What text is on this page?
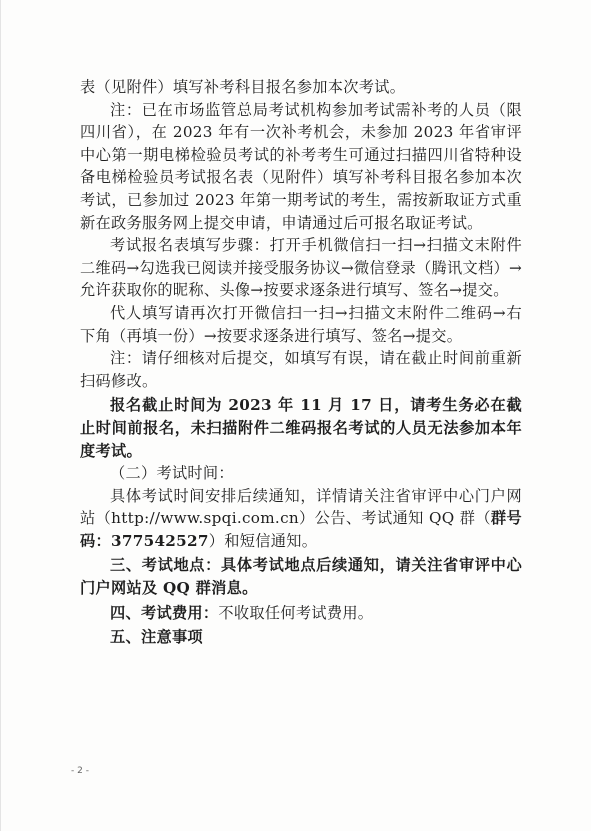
表（见附件）填写补考科目报名参加本次考试。

注：已在市场监管总局考试机构参加考试需补考的人员（限四川省），在 2023 年有一次补考机会，未参加 2023 年省审评中心第一期电梯检验员考试的补考考生可通过扫描四川省特种设备电梯检验员考试报名表（见附件）填写补考科目报名参加本次考试，已参加过 2023 年第一期考试的考生，需按新取证方式重新在政务服务网上提交申请，申请通过后可报名取证考试。

考试报名表填写步骤：打开手机微信扫一扫→扫描文末附件二维码→勾选我已阅读并接受服务协议→微信登录（腾讯文档）→允许获取你的昵称、头像→按要求逐条进行填写、签名→提交。

代人填写请再次打开微信扫一扫→扫描文末附件二维码→右下角（再填一份）→按要求逐条进行填写、签名→提交。

注：请仔细核对后提交，如填写有误，请在截止时间前重新扫码修改。

报名截止时间为 2023 年 11 月 17 日，请考生务必在截止时间前报名，未扫描附件二维码报名考试的人员无法参加本年度考试。

（二）考试时间：

具体考试时间安排后续通知，详情请关注省审评中心门户网站（http://www.spqi.com.cn）公告、考试通知 QQ 群（群号码：377542527）和短信通知。

三、考试地点：具体考试地点后续通知，请关注省审评中心门户网站及 QQ 群消息。

四、考试费用：不收取任何考试费用。

五、注意事项

- 2 -
